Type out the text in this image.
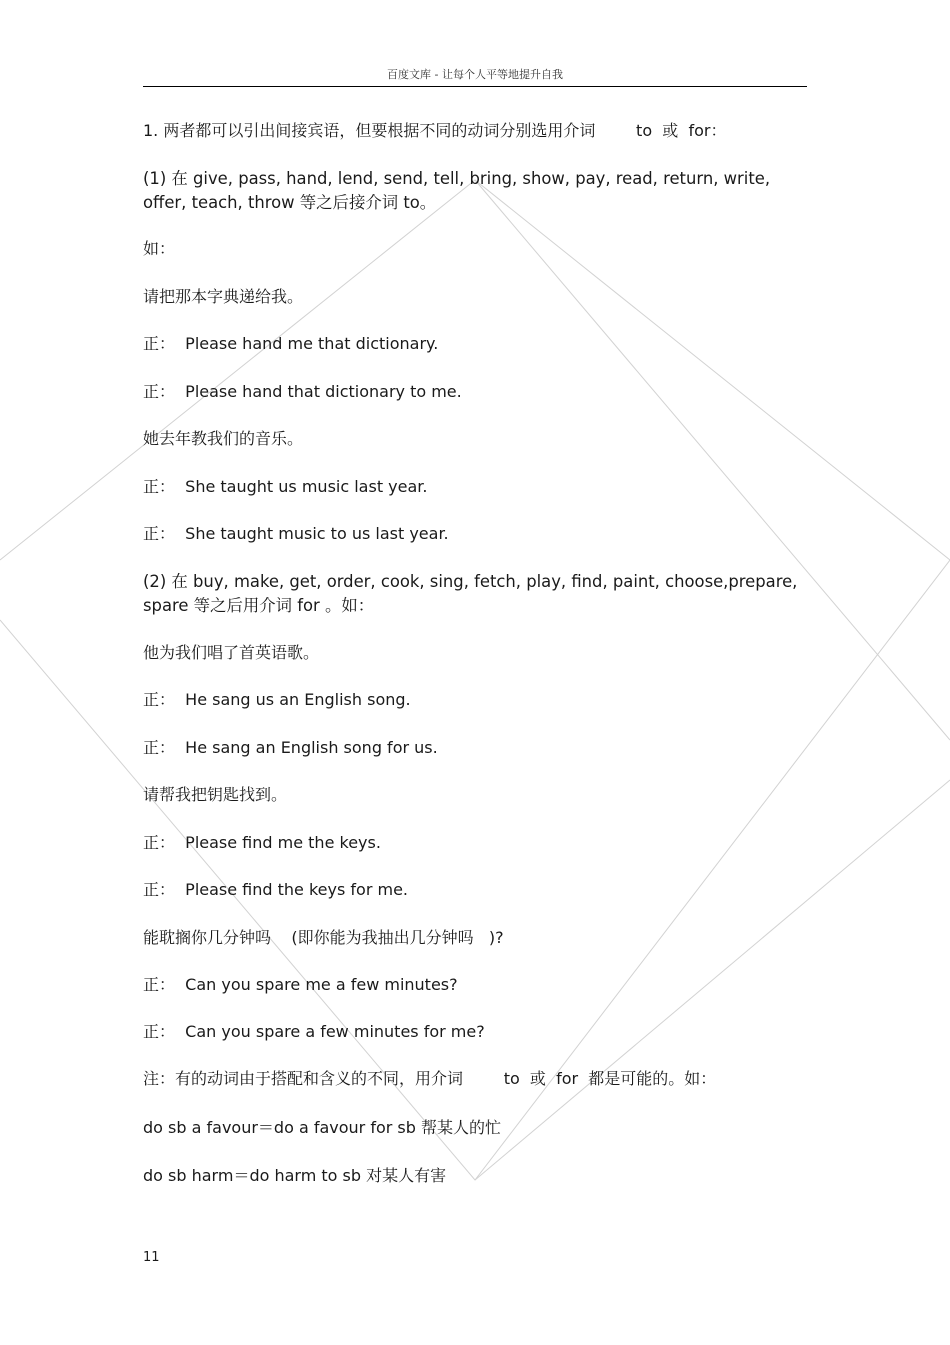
百度文库 - 让每个人平等地提升自我
1. 两者都可以引出间接宾语，但要根据不同的动词分别选用介词        to  或  for：
(1) 在 give, pass, hand, lend, send, tell, bring, show, pay, read, return, write, offer, teach, throw 等之后接介词 to。
如：
请把那本字典递给我。
正：  Please hand me that dictionary.
正：  Please hand that dictionary to me.
她去年教我们的音乐。
正：  She taught us music last year.
正：  She taught music to us last year.
(2) 在 buy, make, get, order, cook, sing, fetch, play, find, paint, choose,prepare, spare 等之后用介词 for 。如：
他为我们唱了首英语歌。
正：  He sang us an English song.
正：  He sang an English song for us.
请帮我把钥匙找到。
正：  Please find me the keys.
正：  Please find the keys for me.
能耽搁你几分钟吗    (即你能为我抽出几分钟吗   )?
正：  Can you spare me a few minutes?
正：  Can you spare a few minutes for me?
注：有的动词由于搭配和含义的不同，用介词        to  或  for  都是可能的。如：
do sb a favour＝do a favour for sb 帮某人的忙
do sb harm＝do harm to sb 对某人有害
11
